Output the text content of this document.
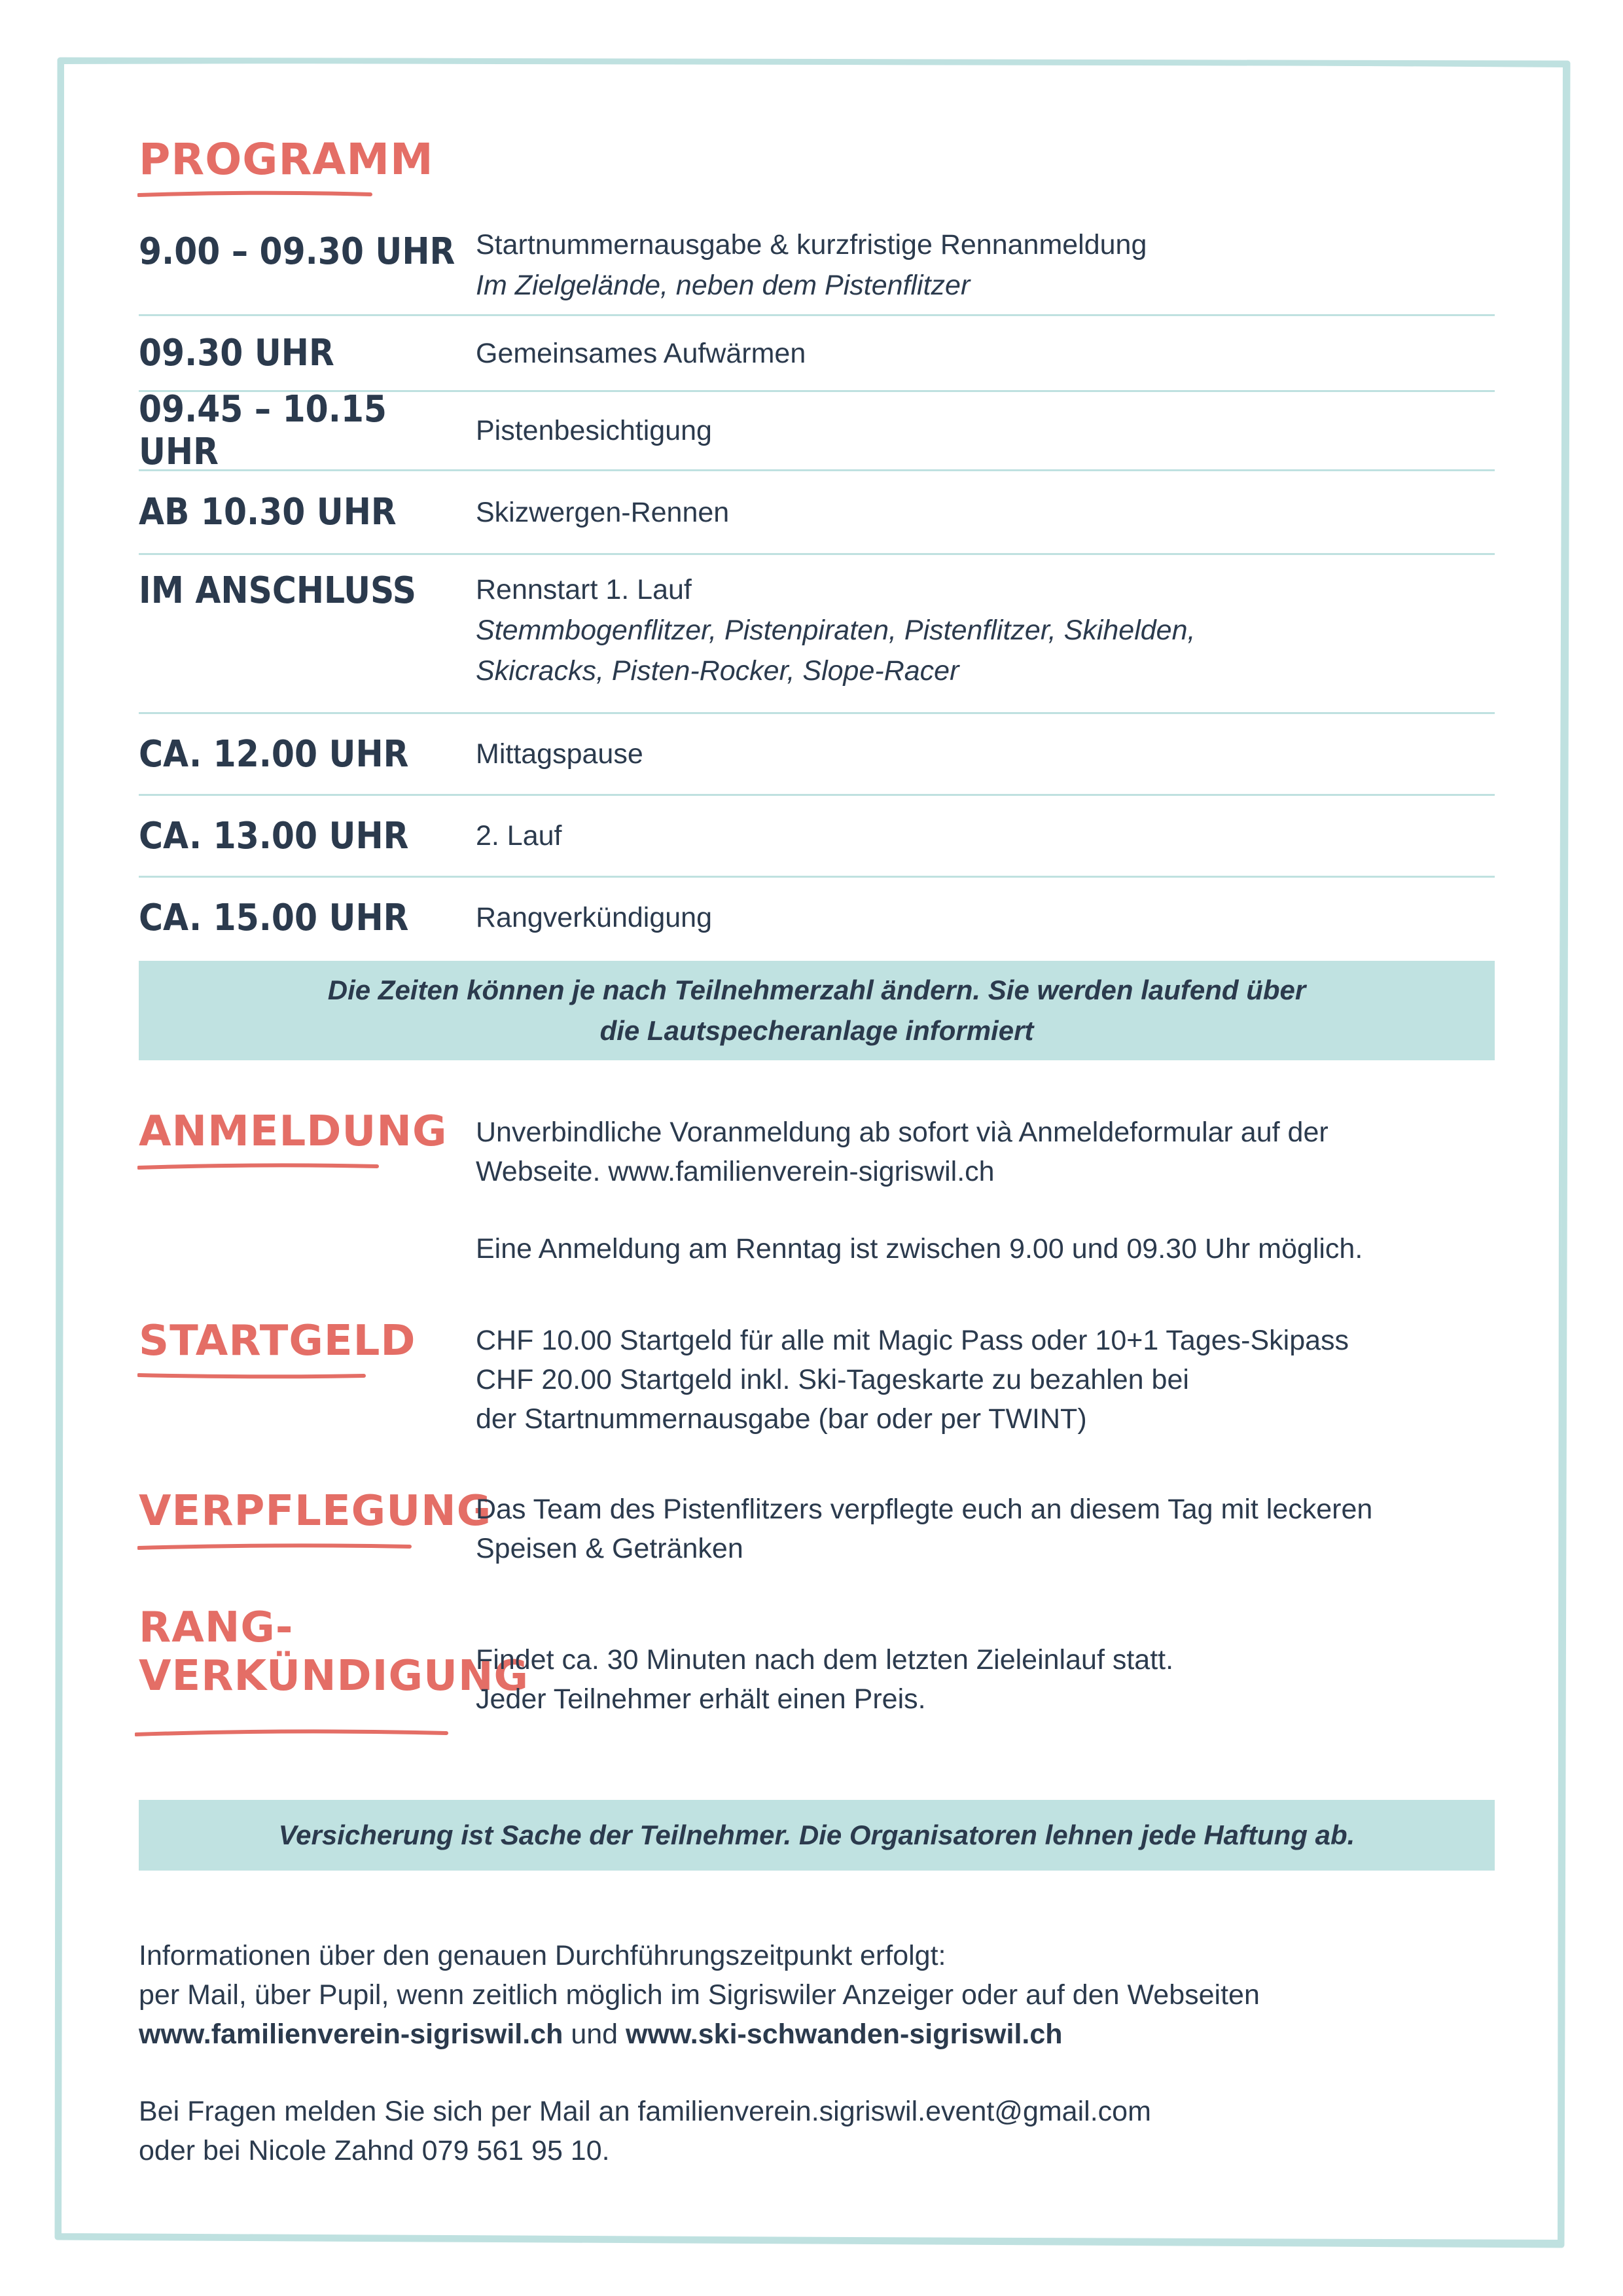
PROGRAMM
9.00 – 09.30 UHR Startnummernausgabe & kurzfristige Rennanmeldung
Im Zielgelände, neben dem Pistenflitzer
09.30 UHR	Gemeinsames Aufwärmen
09.45 – 10.15 UHR	Pistenbesichtigung
AB 10.30 UHR	Skizwergen-Rennen
IM ANSCHLUSS	Rennstart 1. Lauf
Stemmbogenflitzer, Pistenpiraten, Pistenflitzer, Skihelden,
Skicracks, Pisten-Rocker, Slope-Racer
CA. 12.00 UHR	Mittagspause
CA. 13.00 UHR	2. Lauf
CA. 15.00 UHR	Rangverkündigung
Die Zeiten können je nach Teilnehmerzahl ändern. Sie werden laufend über
die Lautspecheranlage informiert
ANMELDUNG Unverbindliche Voranmeldung ab sofort vià Anmeldeformular auf der

Webseite. www.familienverein-sigriswil.ch

Eine Anmeldung am Renntag ist zwischen 9.00 und 09.30 Uhr möglich.

STARTGELD CHF 10.00 Startgeld für alle mit Magic Pass oder 10+1 Tages-Skipass

CHF 20.00 Startgeld inkl. Ski-Tageskarte zu bezahlen bei

der Startnummernausgabe (bar oder per TWINT)

VERPFLEGUNG

Das Team des Pistenflitzers verpflegte euch an diesem Tag mit leckeren

Speisen & Getränken

RANG-
VERKÜNDIGUNG

Findet ca. 30 Minuten nach dem letzten Zieleinlauf statt.

Jeder Teilnehmer erhält einen Preis.

Versicherung ist Sache der Teilnehmer. Die Organisatoren lehnen jede Haftung ab.

Informationen über den genauen Durchführungszeitpunkt erfolgt:

per Mail, über Pupil, wenn zeitlich möglich im Sigriswiler Anzeiger oder auf den Webseiten

www.familienverein-sigriswil.ch und www.ski-schwanden-sigriswil.ch

Bei Fragen melden Sie sich per Mail an familienverein.sigriswil.event@gmail.com

oder bei Nicole Zahnd 079 561 95 10.
